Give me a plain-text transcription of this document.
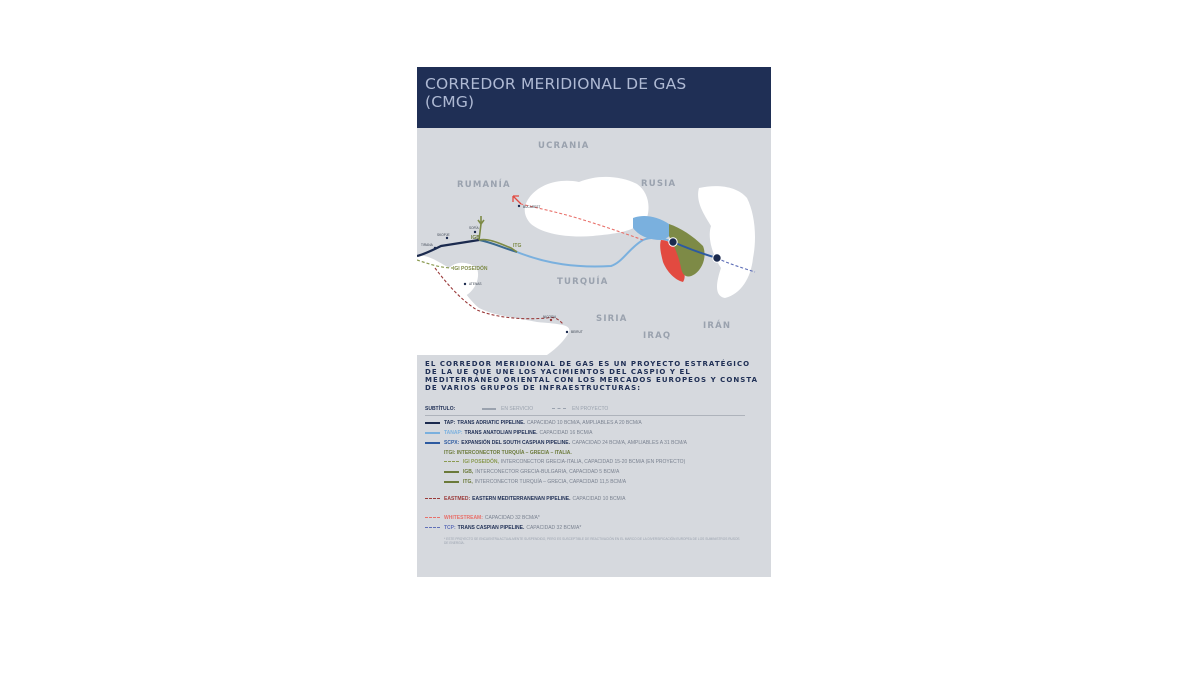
CORREDOR MERIDIONAL DE GAS
(CMG)
UCRANIA
RUMANÍA	RUSIA
TURQUÍA
SIRIA
IRAQ
IRÁN
BUCAREST
SOFÍA
SKOPJE
TIRANA
ATENAS
NICOSIA
BEIRUT
IGB
ITG
IGI POSEIDÓN
EL CORREDOR MERIDIONAL DE GAS ES UN PROYECTO ESTRATÉGICO DE LA UE QUE UNE LOS YACIMIENTOS DEL CASPIO Y EL MEDITERRÁNEO ORIENTAL CON LOS MERCADOS EUROPEOS Y CONSTA DE VARIOS GRUPOS DE INFRAESTRUCTURAS:
SUBTÍTULO:	EN SERVICIO	EN PROYECTO
TAP: TRANS ADRIATIC PIPELINE. CAPACIDAD 10 BCM/A, AMPLIABLES A 20 BCM/A
TANAP: TRANS ANATOLIAN PIPELINE. CAPACIDAD 16 BCM/A
SCPX: EXPANSIÓN DEL SOUTH CASPIAN PIPELINE. CAPACIDAD 24 BCM/A, AMPLIABLES A 31 BCM/A
ITGI: INTERCONECTOR TURQUÍA – GRECIA – ITALIA.
IGI POSEIDÓN, INTERCONECTOR GRECIA-ITALIA, CAPACIDAD 15-20 BCM/A (EN PROYECTO)
IGB, INTERCONECTOR GRECIA-BULGARIA, CAPACIDAD 5 BCM/A
ITG, INTERCONECTOR TURQUÍA – GRECIA, CAPACIDAD 11,5 BCM/A
EASTMED: EASTERN MEDITERRANENAN PIPELINE. CAPACIDAD 10 BCM/A
WHITESTREAM: CAPACIDAD 32 BCM/A*
TCP: TRANS CASPIAN PIPELINE. CAPACIDAD 32 BCM/A*
* ESTE PROYECTO SE ENCUENTRA ACTUALMENTE SUSPENDIDO, PERO ES SUSCEPTIBLE DE REACTIVACIÓN EN EL MARCO DE LA DIVERSIFICACIÓN EUROPEA DE LOS SUMINISTROS RUSOS DE ENERGÍA.
